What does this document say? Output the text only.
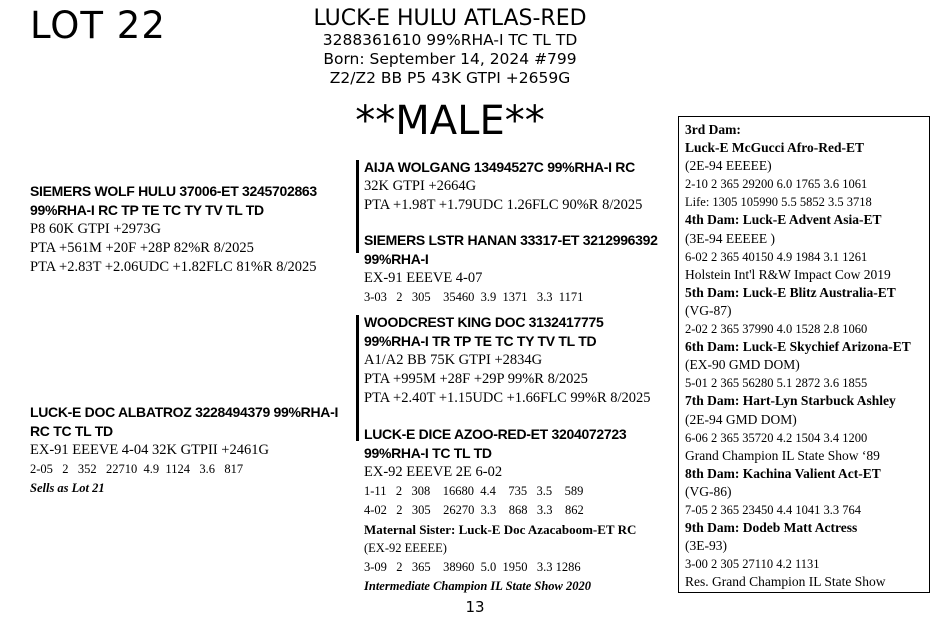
LOT 22	LUCK-E HULU ATLAS-RED
3288361610 99%RHA-I TC TL TD
Born: September 14, 2024 #799
Z2/Z2 BB P5 43K GTPI +2659G
**MALE**
SIEMERS WOLF HULU 37006-ET 3245702863
99%RHA-I RC TP TE TC TY TV TL TD
P8 60K GTPI +2973G
PTA +561M +20F +28P 82%R 8/2025
PTA +2.83T +2.06UDC +1.82FLC 81%R 8/2025
LUCK-E DOC ALBATROZ 3228494379 99%RHA-I
RC TC TL TD
EX-91 EEEVE 4-04 32K GTPII +2461G
2-05   2   352   22710  4.9  1124   3.6   817
Sells as Lot 21
AIJA WOLGANG 13494527C 99%RHA-I RC
32K GTPI +2664G
PTA +1.98T +1.79UDC 1.26FLC 90%R 8/2025
SIEMERS LSTR HANAN 33317-ET 3212996392
99%RHA-I
EX-91 EEEVE 4-07
3-03   2   305    35460  3.9  1371   3.3  1171
WOODCREST KING DOC 3132417775
99%RHA-I TR TP TE TC TY TV TL TD
A1/A2 BB 75K GTPI +2834G
PTA +995M +28F +29P 99%R 8/2025
PTA +2.40T +1.15UDC +1.66FLC 99%R 8/2025
LUCK-E DICE AZOO-RED-ET 3204072723
99%RHA-I TC TL TD
EX-92 EEEVE 2E 6-02
1-11   2   308    16680  4.4    735   3.5    589
4-02   2   305    26270  3.3    868   3.3    862
Maternal Sister: Luck-E Doc Azacaboom-ET RC
(EX-92 EEEEE)
3-09   2   365    38960  5.0  1950   3.3 1286
Intermediate Champion IL State Show 2020
3rd Dam:
Luck-E McGucci Afro-Red-ET
(2E-94 EEEEE)
2-10 2 365 29200 6.0 1765 3.6 1061
Life: 1305 105990 5.5 5852 3.5 3718
4th Dam: Luck-E Advent Asia-ET
(3E-94 EEEEE )
6-02 2 365 40150 4.9 1984 3.1 1261
Holstein Int'l R&W Impact Cow 2019
5th Dam: Luck-E Blitz Australia-ET
(VG-87)
2-02 2 365 37990 4.0 1528 2.8 1060
6th Dam: Luck-E Skychief Arizona-ET
(EX-90 GMD DOM)
5-01 2 365 56280 5.1 2872 3.6 1855
7th Dam: Hart-Lyn Starbuck Ashley
(2E-94 GMD DOM)
6-06 2 365 35720 4.2 1504 3.4 1200
Grand Champion IL State Show ‘89
8th Dam: Kachina Valient Act-ET
(VG-86)
7-05 2 365 23450 4.4 1041 3.3 764
9th Dam: Dodeb Matt Actress
(3E-93)
3-00 2 305 27110 4.2 1131
Res. Grand Champion IL State Show
13
